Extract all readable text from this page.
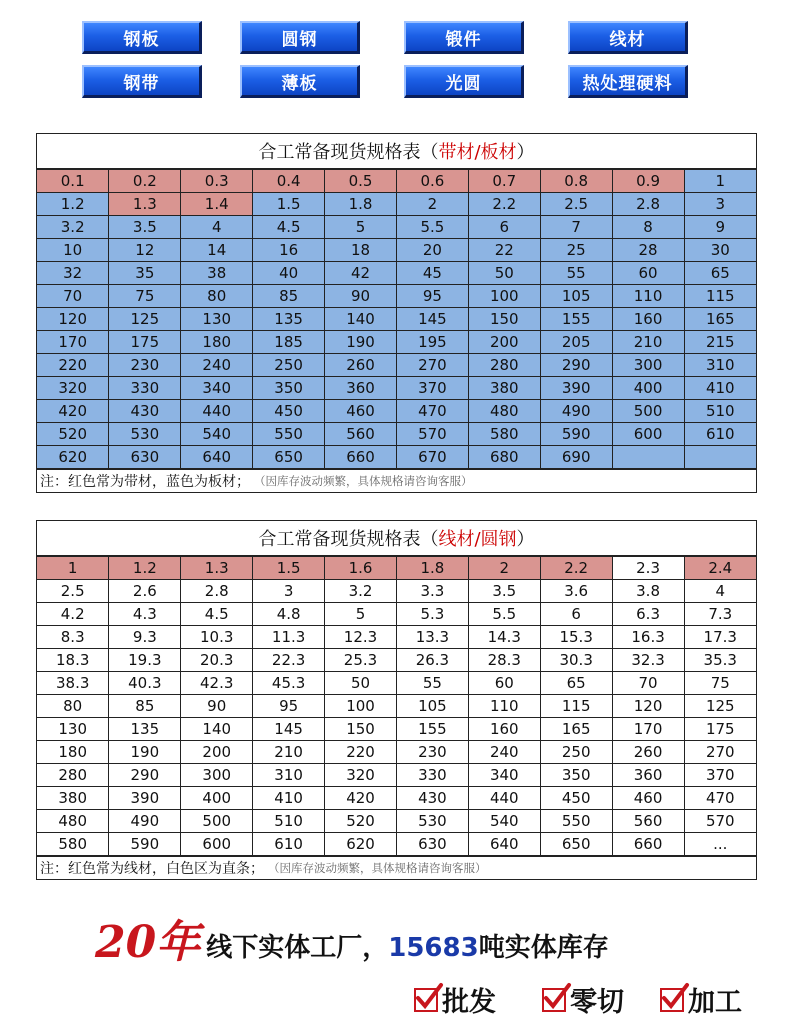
钢板	圆钢	锻件	线材
钢带	薄板	光圆	热处理硬料
合工常备现货规格表（ 带材/板材 ）
0.1	0.2	0.3	0.4	0.5	0.6	0.7	0.8	0.9	1
1.2	1.3	1.4	1.5	1.8	2	2.2	2.5	2.8	3
3.2	3.5	4	4.5	5	5.5	6	7	8	9
10	12	14	16	18	20	22	25	28	30
32	35	38	40	42	45	50	55	60	65
70	75	80	85	90	95	100	105	110	115
120	125	130	135	140	145	150	155	160	165
170	175	180	185	190	195	200	205	210	215
220	230	240	250	260	270	280	290	300	310
320	330	340	350	360	370	380	390	400	410
420	430	440	450	460	470	480	490	500	510
520	530	540	550	560	570	580	590	600	610
620	630	640	650	660	670	680	690		
注：红色常为带材，蓝色为板材； （因库存波动频繁，具体规格请咨询客服）
合工常备现货规格表（ 线材/圆钢 ）
1	1.2	1.3	1.5	1.6	1.8	2	2.2	2.3	2.4
2.5	2.6	2.8	3	3.2	3.3	3.5	3.6	3.8	4
4.2	4.3	4.5	4.8	5	5.3	5.5	6	6.3	7.3
8.3	9.3	10.3	11.3	12.3	13.3	14.3	15.3	16.3	17.3
18.3	19.3	20.3	22.3	25.3	26.3	28.3	30.3	32.3	35.3
38.3	40.3	42.3	45.3	50	55	60	65	70	75
80	85	90	95	100	105	110	115	120	125
130	135	140	145	150	155	160	165	170	175
180	190	200	210	220	230	240	250	260	270
280	290	300	310	320	330	340	350	360	370
380	390	400	410	420	430	440	450	460	470
480	490	500	510	520	530	540	550	560	570
580	590	600	610	620	630	640	650	660	...
注：红色常为线材，白色区为直条； （因库存波动频繁，具体规格请咨询客服）
20年 线下实体工厂， 15683 吨实体库存
批发	零切 加工
